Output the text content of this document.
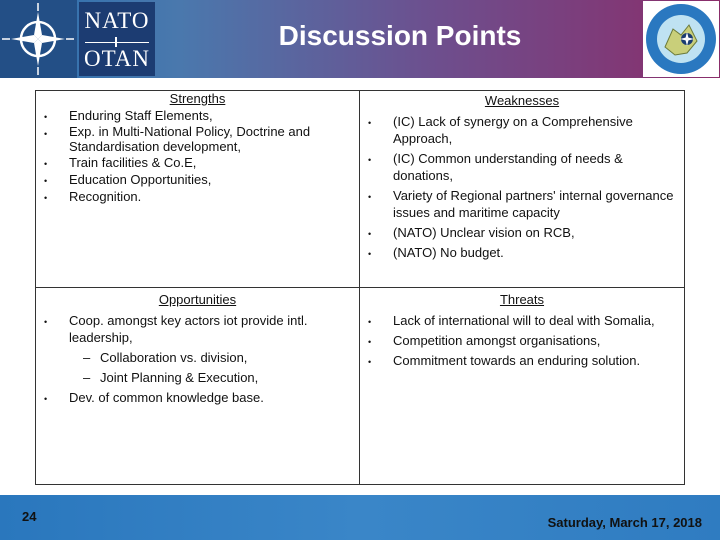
NATO
OTAN
Discussion Points
Strengths
• Enduring Staff Elements,
• Exp. in Multi-National Policy, Doctrine and Standardisation development,
• Train facilities & Co.E,
• Education Opportunities,
• Recognition.
Weaknesses
• (IC) Lack of synergy on a Comprehensive Approach,
• (IC) Common understanding of needs & donations,
• Variety of Regional partners' internal governance issues and maritime capacity
• (NATO) Unclear vision on RCB,
• (NATO) No budget.
Opportunities
• Coop. amongst key actors iot provide intl. leadership,
– Collaboration vs. division,
– Joint Planning & Execution,
• Dev. of common knowledge base.
Threats
• Lack of international will to deal with Somalia,
• Competition amongst organisations,
• Commitment towards an enduring solution.
24	Saturday, March 17, 2018
